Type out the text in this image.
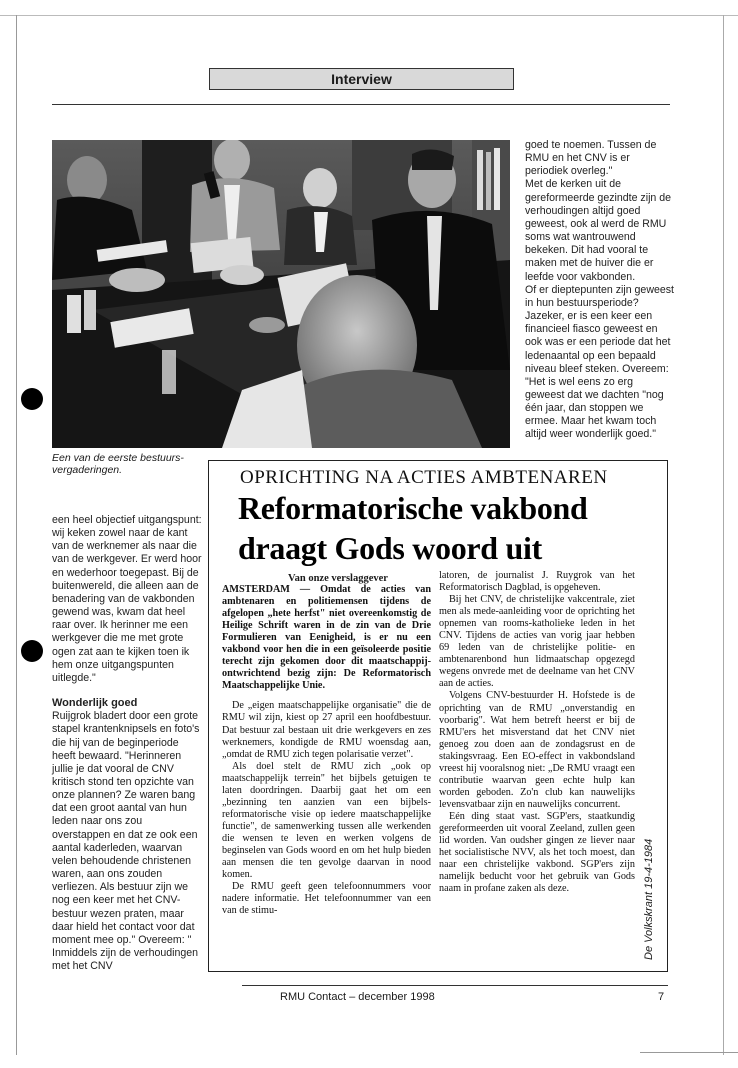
Interview
Een van de eerste bestuurs-vergaderingen.

goed te noemen. Tussen de RMU en het CNV is er periodiek overleg."

Met de kerken uit de gereformeerde gezindte zijn de verhoudingen altijd goed geweest, ook al werd de RMU soms wat wantrouwend bekeken. Dit had vooral te maken met de huiver die er leefde voor vakbonden.

Of er dieptepunten zijn geweest in hun bestuursperiode? Jazeker, er is een keer een financieel fiasco geweest en ook was er een periode dat het ledenaantal op een bepaald niveau bleef steken. Overeem: "Het is wel eens zo erg geweest dat we dachten "nog één jaar, dan stoppen we ermee. Maar het kwam toch altijd weer wonderlijk goed."

een heel objectief uitgangspunt: wij keken zowel naar de kant van de werknemer als naar die van de werkgever. Er werd hoor en wederhoor toegepast. Bij de buitenwereld, die alleen aan de benadering van de vakbonden gewend was, kwam dat heel raar over. Ik herinner me een werkgever die me met grote ogen zat aan te kijken toen ik hem onze uitgangspunten uitlegde."

Wonderlijk goed

Ruijgrok bladert door een grote stapel krantenknipsels en foto's die hij van de beginperiode heeft bewaard. "Herinneren jullie je dat vooral de CNV kritisch stond ten opzichte van onze plannen? Ze waren bang dat een groot aantal van hun leden naar ons zou overstappen en dat ze ook een aantal kaderleden, waarvan velen behoudende christenen waren, aan ons zouden verliezen. Als bestuur zijn we nog een keer met het CNV-bestuur wezen praten, maar daar hield het contact voor dat moment mee op." Overeem: " Inmiddels zijn de verhoudingen met het CNV

OPRICHTING NA ACTIES AMBTENAREN
Reformatorische vakbond
draagt Gods woord uit
Van onze verslaggever

AMSTERDAM — Omdat de acties van ambtenaren en politiemensen tijdens de afgelopen „hete herfst" niet overeenkomstig de Heilige Schrift waren in de zin van de Drie Formulieren van Eenigheid, is er nu een vakbond voor hen die in een geïsoleerde positie terecht zijn gekomen door dit maatschappij-ontwrichtend bezig zijn: De Reformatorisch Maatschappelijke Unie.

De „eigen maatschappelijke organisatie" die de RMU wil zijn, kiest op 27 april een hoofdbestuur. Dat bestuur zal bestaan uit drie werkgevers en zes werknemers, kondigde de RMU woensdag aan, „omdat de RMU zich tegen polarisatie verzet".

Als doel stelt de RMU zich „ook op maatschappelijk terrein" het bijbels getuigen te laten doordringen. Daarbij gaat het om een „bezinning ten aanzien van een bijbels-reformatorische visie op iedere maatschappelijke functie", de samenwerking tussen alle werkenden die wensen te leven en werken volgens de beginselen van Gods woord en om het hulp bieden aan mensen die ten gevolge daarvan in nood komen.

De RMU geeft geen telefoonnummers voor nadere informatie. Het telefoonnummer van een van de stimu-

latoren, de journalist J. Ruygrok van het Reformatorisch Dagblad, is opgeheven.

Bij het CNV, de christelijke vakcentrale, ziet men als mede-aanleiding voor de oprichting het opnemen van rooms-katholieke leden in het CNV. Tijdens de acties van vorig jaar hebben 69 leden van de christelijke politie- en ambtenarenbond hun lidmaatschap opgezegd wegens onvrede met de deelname van het CNV aan de acties.

Volgens CNV-bestuurder H. Hofstede is de oprichting van de RMU „onverstandig en voorbarig". Wat hem betreft heerst er bij de RMU'ers het misverstand dat het CNV niet genoeg zou doen aan de zondagsrust en de stakingsvraag. Een EO-effect in vakbondsland vreest hij vooralsnog niet: „De RMU vraagt een contributie waarvan geen echte hulp kan worden geboden. Zo'n club kan nauwelijks levensvatbaar zijn en nauwelijks concurrent.

Eén ding staat vast. SGP'ers, staatkundig gereformeerden uit vooral Zeeland, zullen geen lid worden. Van oudsher gingen ze liever naar het socialistische NVV, als het toch moest, dan naar een christelijke vakbond. SGP'ers zijn namelijk beducht voor het gebruik van Gods naam in profane zaken als deze.	De Volkskrant 19-4-1984
RMU Contact – december 1998	7
